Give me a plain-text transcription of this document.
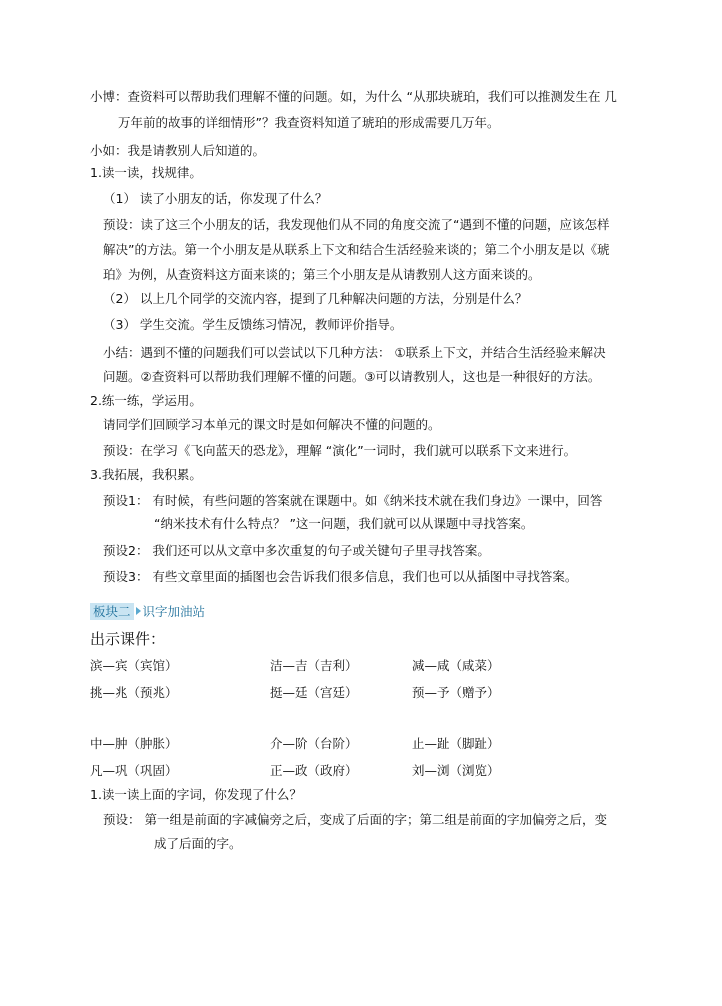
小博：查资料可以帮助我们理解不懂的问题。如，为什么 “从那块琥珀，我们可以推测发生在 几
万年前的故事的详细情形”？我查资料知道了琥珀的形成需要几万年。
小如：我是请教别人后知道的。
1.读一读，找规律。
（1） 读了小朋友的话，你发现了什么？
预设：读了这三个小朋友的话，我发现他们从不同的角度交流了“遇到不懂的问题，应该怎样
解决”的方法。第一个小朋友是从联系上下文和结合生活经验来谈的；第二个小朋友是以《琥
珀》为例，从查资料这方面来谈的；第三个小朋友是从请教别人这方面来谈的。
（2） 以上几个同学的交流内容，提到了几种解决问题的方法，分别是什么？
（3） 学生交流。学生反馈练习情况，教师评价指导。
小结：遇到不懂的问题我们可以尝试以下几种方法： ①联系上下文，并结合生活经验来解决
问题。②查资料可以帮助我们理解不懂的问题。③可以请教别人，这也是一种很好的方法。
2.练一练，学运用。
请同学们回顾学习本单元的课文时是如何解决不懂的问题的。
预设：在学习《飞向蓝天的恐龙》，理解 “演化”一词时，我们就可以联系下文来进行。
3.我拓展，我积累。
预设1： 有时候，有些问题的答案就在课题中。如《纳米技术就在我们身边》一课中，回答
“纳米技术有什么特点？ ”这一问题，我们就可以从课题中寻找答案。
预设2： 我们还可以从文章中多次重复的句子或关键句子里寻找答案。
预设3： 有些文章里面的插图也会告诉我们很多信息，我们也可以从插图中寻找答案。
板块二 识字加油站
出示课件：
滨—宾（宾馆）	洁—吉（吉利）	减—咸（咸菜）
挑—兆（预兆）	挺—廷（宫廷）	预—予（赠予）
中—肿（肿胀）	介—阶（台阶）	止—趾（脚趾）
凡—巩（巩固）	正—政（政府）	刘—浏（浏览）
1.读一读上面的字词，你发现了什么？
预设： 第一组是前面的字减偏旁之后，变成了后面的字；第二组是前面的字加偏旁之后，变
成了后面的字。
